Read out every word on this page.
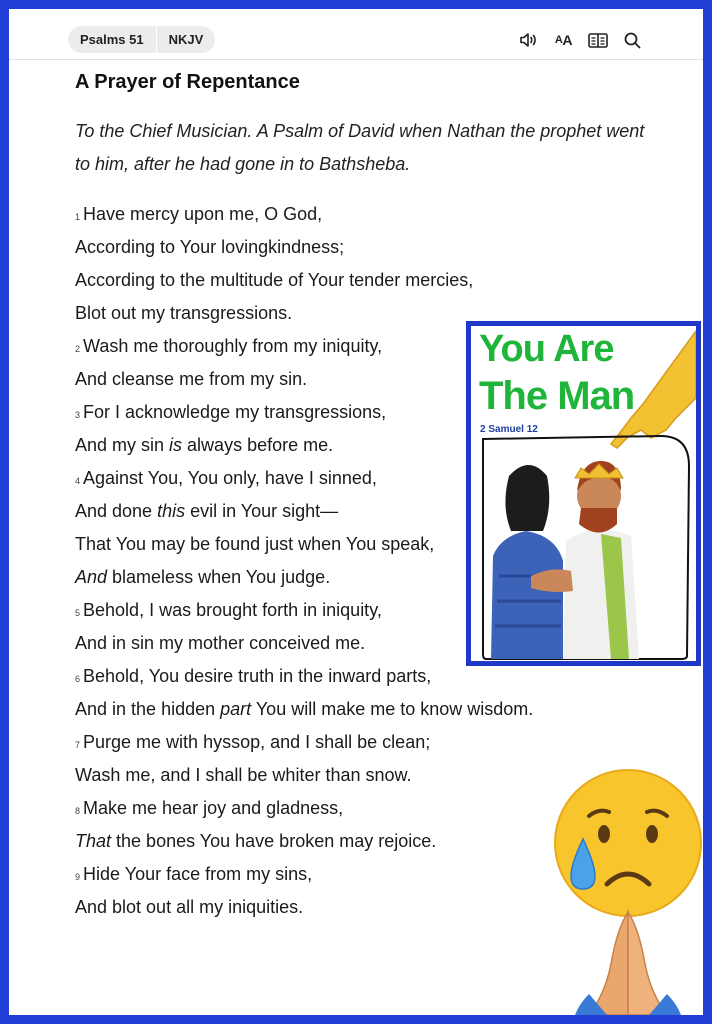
Psalms 51	NKJV	A A
A Prayer of Repentance
To the Chief Musician. A Psalm of David when Nathan the prophet went to him, after he had gone in to Bathsheba.
$^1$ Have mercy upon me, O God,
According to Your lovingkindness;
According to the multitude of Your tender mercies,
Blot out my transgressions.
$^2$ Wash me thoroughly from my iniquity,
And cleanse me from my sin.
$^3$ For I acknowledge my transgressions,
And my sin is always before me.
$^4$ Against You, You only, have I sinned,
And done this evil in Your sight—
That You may be found just when You speak,
And blameless when You judge.
$^5$ Behold, I was brought forth in iniquity,
And in sin my mother conceived me.
$^6$ Behold, You desire truth in the inward parts,
And in the hidden part You will make me to know wisdom.
$^7$ Purge me with hyssop, and I shall be clean;
Wash me, and I shall be whiter than snow.
$^8$ Make me hear joy and gladness,
That the bones You have broken may rejoice.
$^9$ Hide Your face from my sins,
And blot out all my iniquities.
You Are
The Man
2 Samuel 12
